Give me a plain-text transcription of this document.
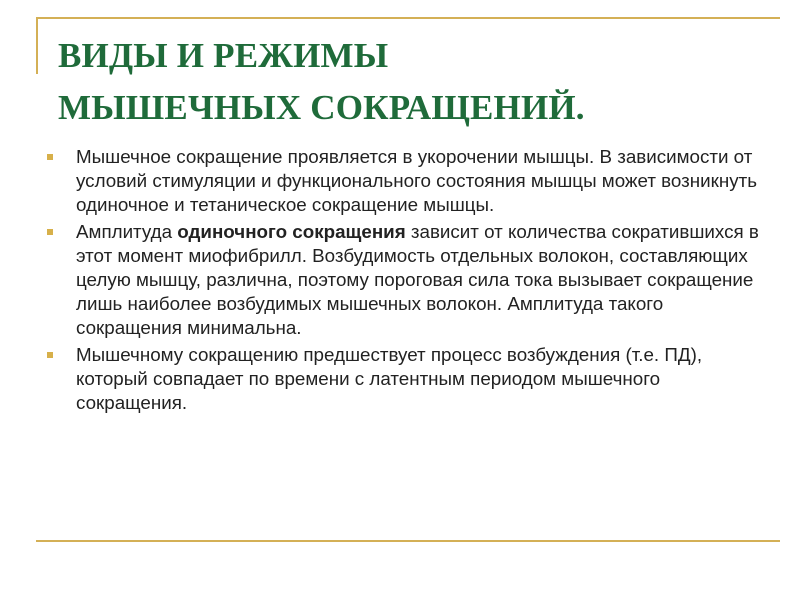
ВИДЫ И РЕЖИМЫ
МЫШЕЧНЫХ СОКРАЩЕНИЙ.
Мышечное сокращение проявляется в укорочении мышцы. В зависимости от условий стимуляции и функционального состояния мышцы может возникнуть одиночное и тетаническое сокращение мышцы.
Амплитуда одиночного сокращения зависит от количества сократившихся в этот момент миофибрилл. Возбудимость отдельных волокон, составляющих целую мышцу, различна, поэтому пороговая сила тока вызывает сокращение лишь наиболее возбудимых мышечных волокон. Амплитуда такого сокращения минимальна.
Мышечному сокращению предшествует процесс возбуждения (т.е. ПД), который совпадает по времени с латентным периодом мышечного сокращения.
